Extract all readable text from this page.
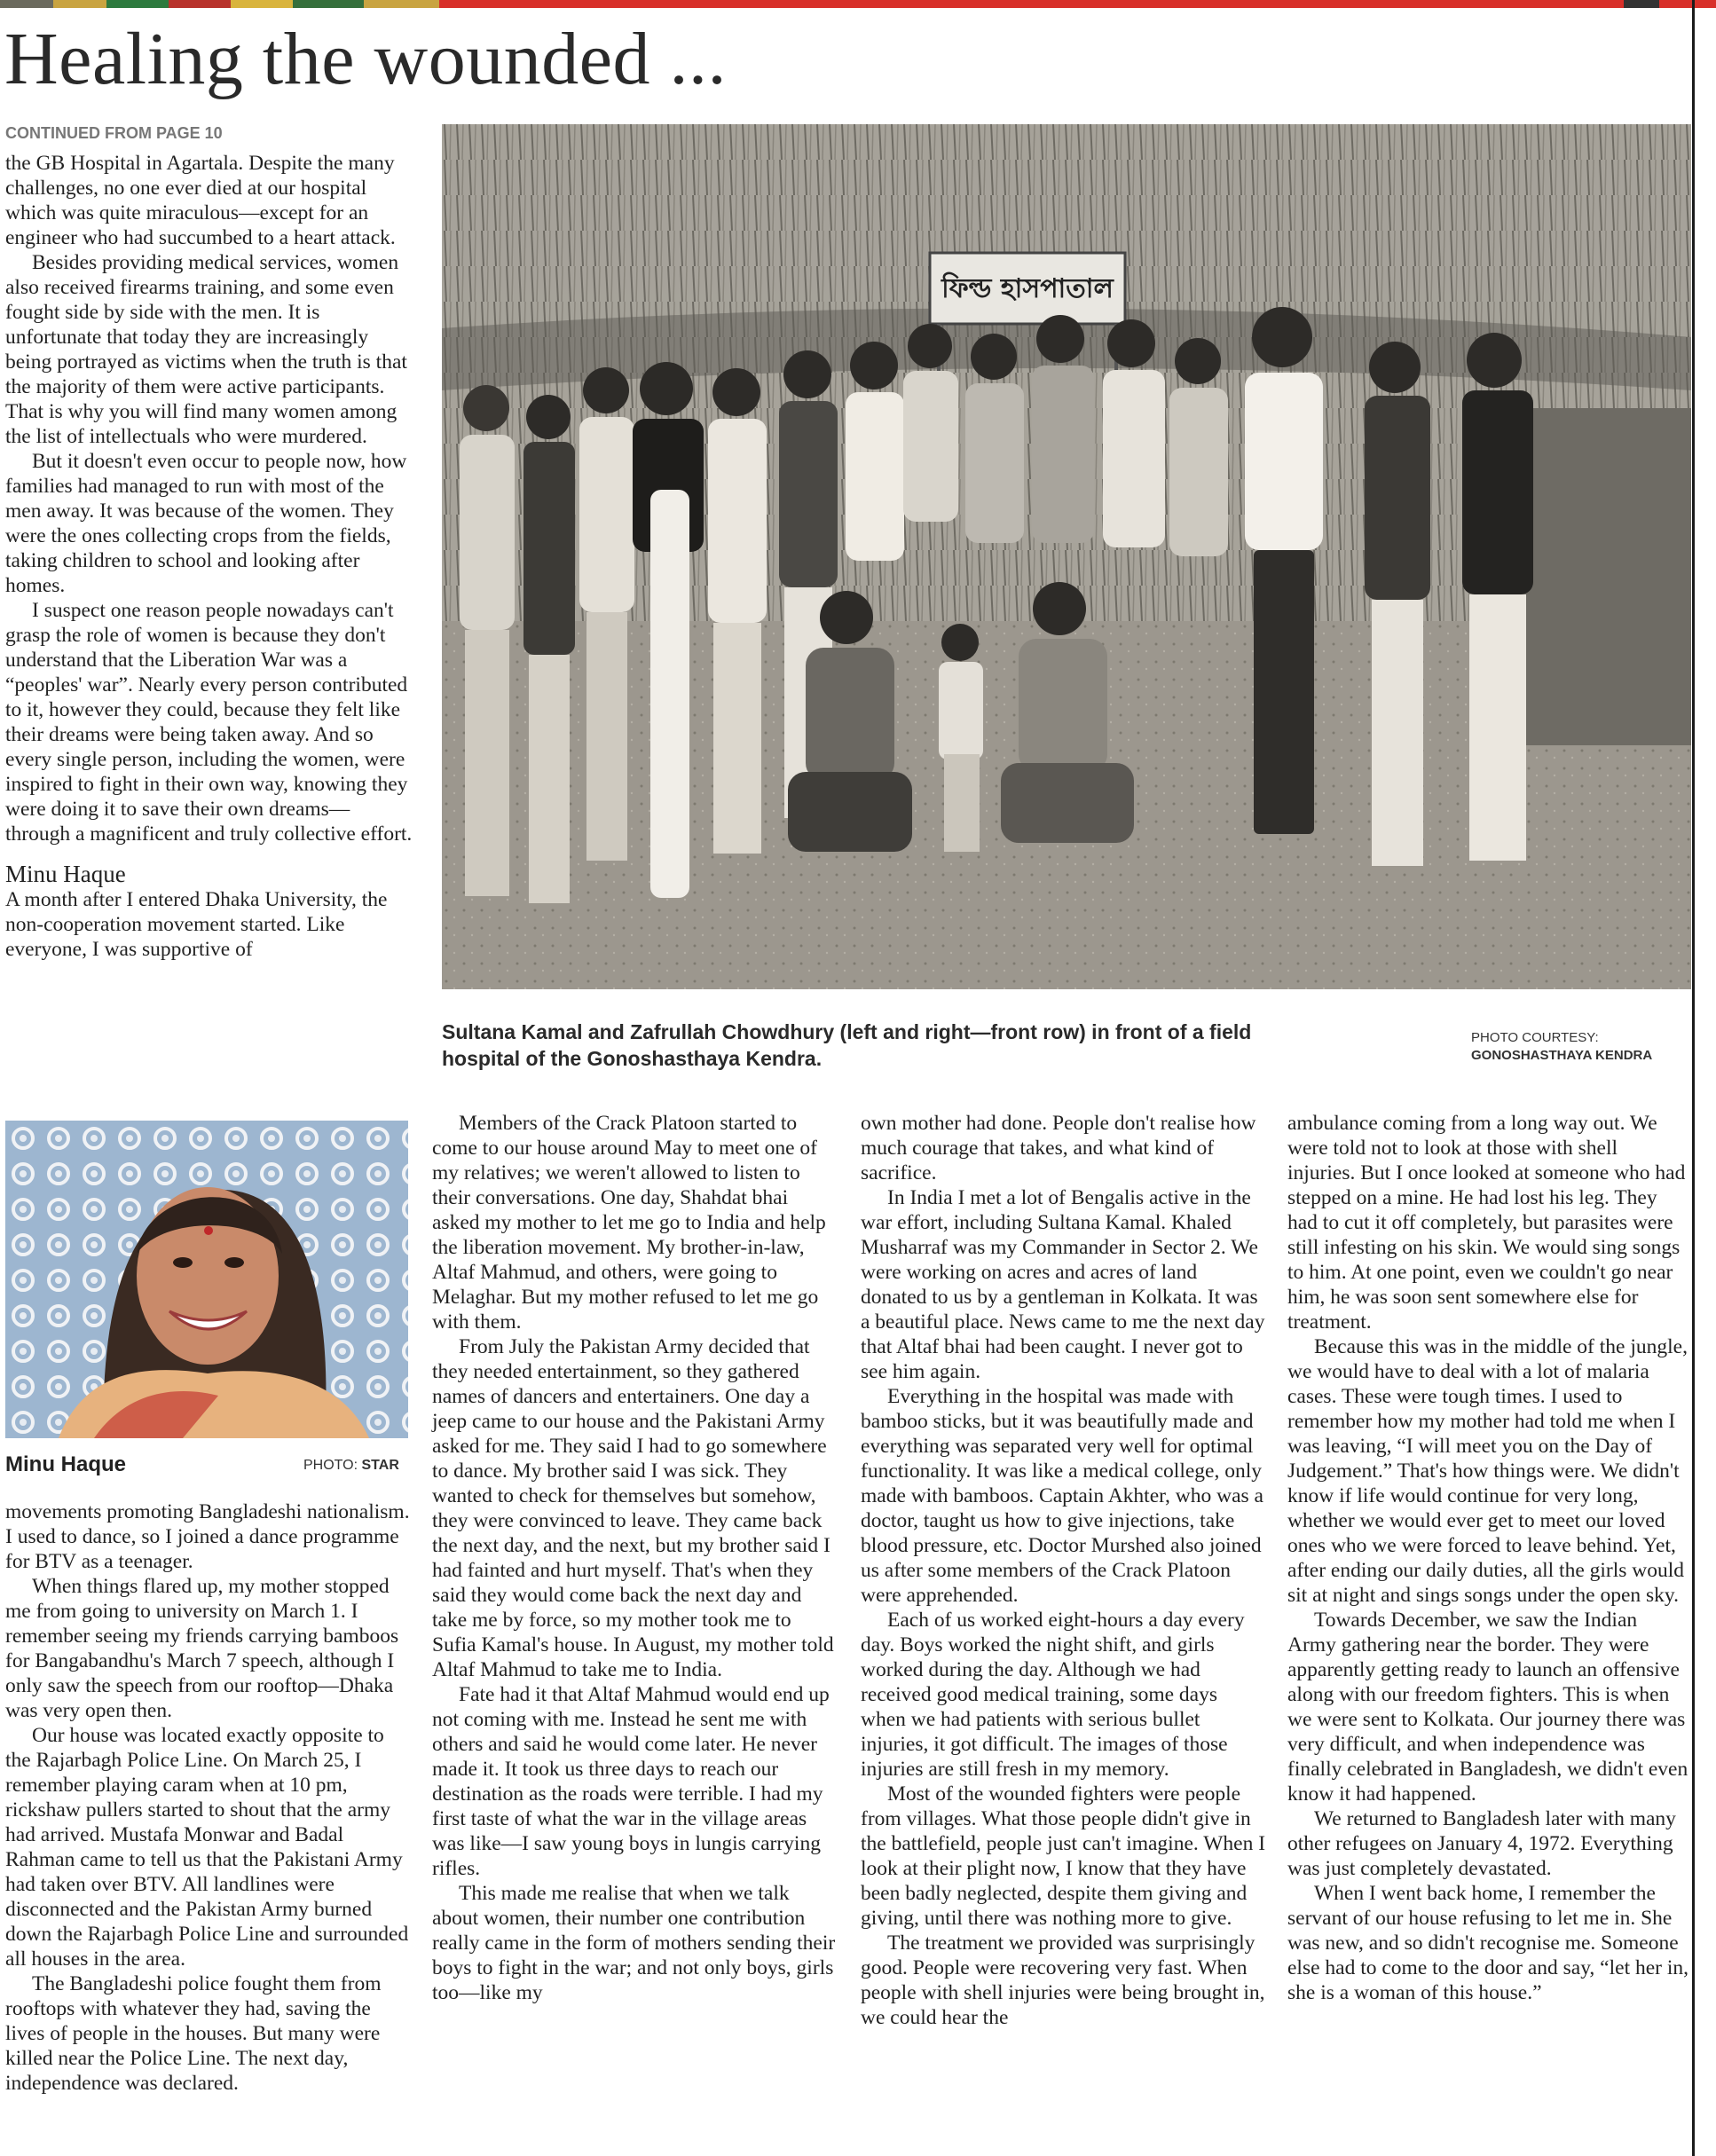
Healing the wounded ...
CONTINUED FROM PAGE 10

the GB Hospital in Agartala. Despite the many challenges, no one ever died at our hospital which was quite miraculous—except for an engineer who had succumbed to a heart attack.

Besides providing medical services, women also received firearms training, and some even fought side by side with the men. It is unfortunate that today they are increasingly being portrayed as victims when the truth is that the majority of them were active participants. That is why you will find many women among the list of intellectuals who were murdered.

But it doesn't even occur to people now, how families had managed to run with most of the men away. It was because of the women. They were the ones collecting crops from the fields, taking children to school and looking after homes.

I suspect one reason people nowadays can't grasp the role of women is because they don't understand that the Liberation War was a “peoples' war”. Nearly every person contributed to it, however they could, because they felt like their dreams were being taken away. And so every single person, including the women, were inspired to fight in their own way, knowing they were doing it to save their own dreams—through a magnificent and truly collective effort.

Minu Haque

A month after I entered Dhaka University, the non-cooperation movement started. Like everyone, I was supportive of

ফিল্ড হাসপাতাল
Sultana Kamal and Zafrullah Chowdhury (left and right—front row) in front of a field hospital of the Gonoshasthaya Kendra.
PHOTO COURTESY:
GONOSHASTHAYA KENDRA
Minu Haque	PHOTO: STAR

movements promoting Bangladeshi nationalism. I used to dance, so I joined a dance programme for BTV as a teenager.

When things flared up, my mother stopped me from going to university on March 1. I remember seeing my friends carrying bamboos for Bangabandhu's March 7 speech, although I only saw the speech from our rooftop—Dhaka was very open then.

Our house was located exactly opposite to the Rajarbagh Police Line. On March 25, I remember playing caram when at 10 pm, rickshaw pullers started to shout that the army had arrived. Mustafa Monwar and Badal Rahman came to tell us that the Pakistani Army had taken over BTV. All landlines were disconnected and the Pakistan Army burned down the Rajarbagh Police Line and surrounded all houses in the area.

The Bangladeshi police fought them from rooftops with whatever they had, saving the lives of people in the houses. But many were killed near the Police Line. The next day, independence was declared.

Members of the Crack Platoon started to come to our house around May to meet one of my relatives; we weren't allowed to listen to their conversations. One day, Shahdat bhai asked my mother to let me go to India and help the liberation movement. My brother-in-law, Altaf Mahmud, and others, were going to Melaghar. But my mother refused to let me go with them.

From July the Pakistan Army decided that they needed entertainment, so they gathered names of dancers and entertainers. One day a jeep came to our house and the Pakistani Army asked for me. They said I had to go somewhere to dance. My brother said I was sick. They wanted to check for themselves but somehow, they were convinced to leave. They came back the next day, and the next, but my brother said I had fainted and hurt myself. That's when they said they would come back the next day and take me by force, so my mother took me to Sufia Kamal's house. In August, my mother told Altaf Mahmud to take me to India.

Fate had it that Altaf Mahmud would end up not coming with me. Instead he sent me with others and said he would come later. He never made it. It took us three days to reach our destination as the roads were terrible. I had my first taste of what the war in the village areas was like—I saw young boys in lungis carrying rifles.

This made me realise that when we talk about women, their number one contribution really came in the form of mothers sending their boys to fight in the war; and not only boys, girls too—like my

own mother had done. People don't realise how much courage that takes, and what kind of sacrifice.

In India I met a lot of Bengalis active in the war effort, including Sultana Kamal. Khaled Musharraf was my Commander in Sector 2. We were working on acres and acres of land donated to us by a gentleman in Kolkata. It was a beautiful place. News came to me the next day that Altaf bhai had been caught. I never got to see him again.

Everything in the hospital was made with bamboo sticks, but it was beautifully made and everything was separated very well for optimal functionality. It was like a medical college, only made with bamboos. Captain Akhter, who was a doctor, taught us how to give injections, take blood pressure, etc. Doctor Murshed also joined us after some members of the Crack Platoon were apprehended.

Each of us worked eight-hours a day every day. Boys worked the night shift, and girls worked during the day. Although we had received good medical training, some days when we had patients with serious bullet injuries, it got difficult. The images of those injuries are still fresh in my memory.

Most of the wounded fighters were people from villages. What those people didn't give in the battlefield, people just can't imagine. When I look at their plight now, I know that they have been badly neglected, despite them giving and giving, until there was nothing more to give.

The treatment we provided was surprisingly good. People were recovering very fast. When people with shell injuries were being brought in, we could hear the

ambulance coming from a long way out. We were told not to look at those with shell injuries. But I once looked at someone who had stepped on a mine. He had lost his leg. They had to cut it off completely, but parasites were still infesting on his skin. We would sing songs to him. At one point, even we couldn't go near him, he was soon sent somewhere else for treatment.

Because this was in the middle of the jungle, we would have to deal with a lot of malaria cases. These were tough times. I used to remember how my mother had told me when I was leaving, “I will meet you on the Day of Judgement.” That's how things were. We didn't know if life would continue for very long, whether we would ever get to meet our loved ones who we were forced to leave behind. Yet, after ending our daily duties, all the girls would sit at night and sings songs under the open sky.

Towards December, we saw the Indian Army gathering near the border. They were apparently getting ready to launch an offensive along with our freedom fighters. This is when we were sent to Kolkata. Our journey there was very difficult, and when independence was finally celebrated in Bangladesh, we didn't even know it had happened.

We returned to Bangladesh later with many other refugees on January 4, 1972. Everything was just completely devastated.

When I went back home, I remember the servant of our house refusing to let me in. She was new, and so didn't recognise me. Someone else had to come to the door and say, “let her in, she is a woman of this house.”
